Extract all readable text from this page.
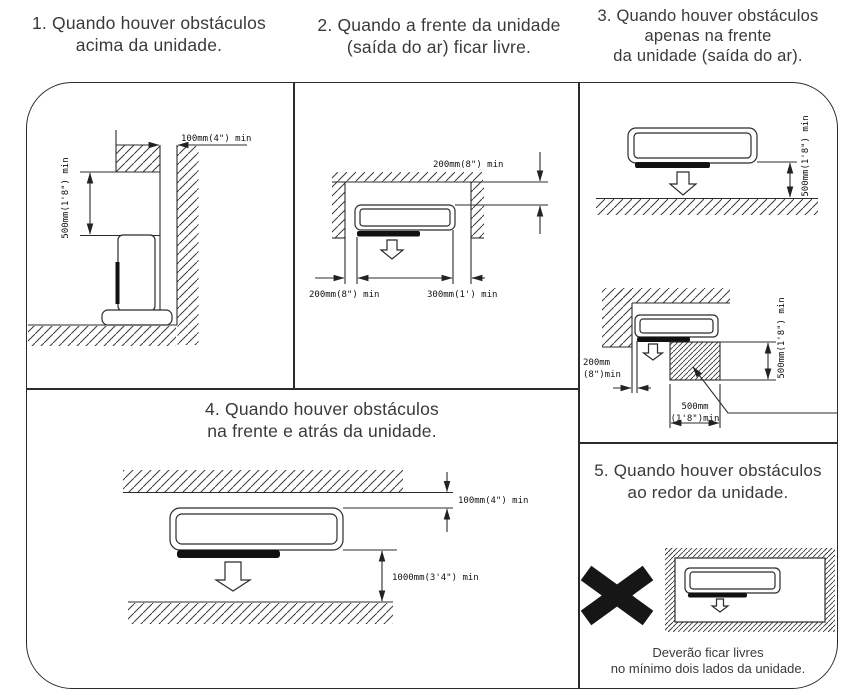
1. Quando houver obstáculos
acima da unidade.
2. Quando a frente da unidade
(saída do ar) ficar livre.
3. Quando houver obstáculos
apenas na frente
da unidade (saída do ar).
4. Quando houver obstáculos
na frente e atrás da unidade.
5. Quando houver obstáculos
ao redor da unidade.
Deverão ficar livres
no mínimo dois lados da unidade.
100mm(4") min
500mm(1'8") min	200mm(8") min
200mm(8") min	300mm(1') min
500mm(1'8") min
500mm(1'8") min
200mm
(8")min
500mm
(1'8")min
100mm(4") min
1000mm(3'4") min
